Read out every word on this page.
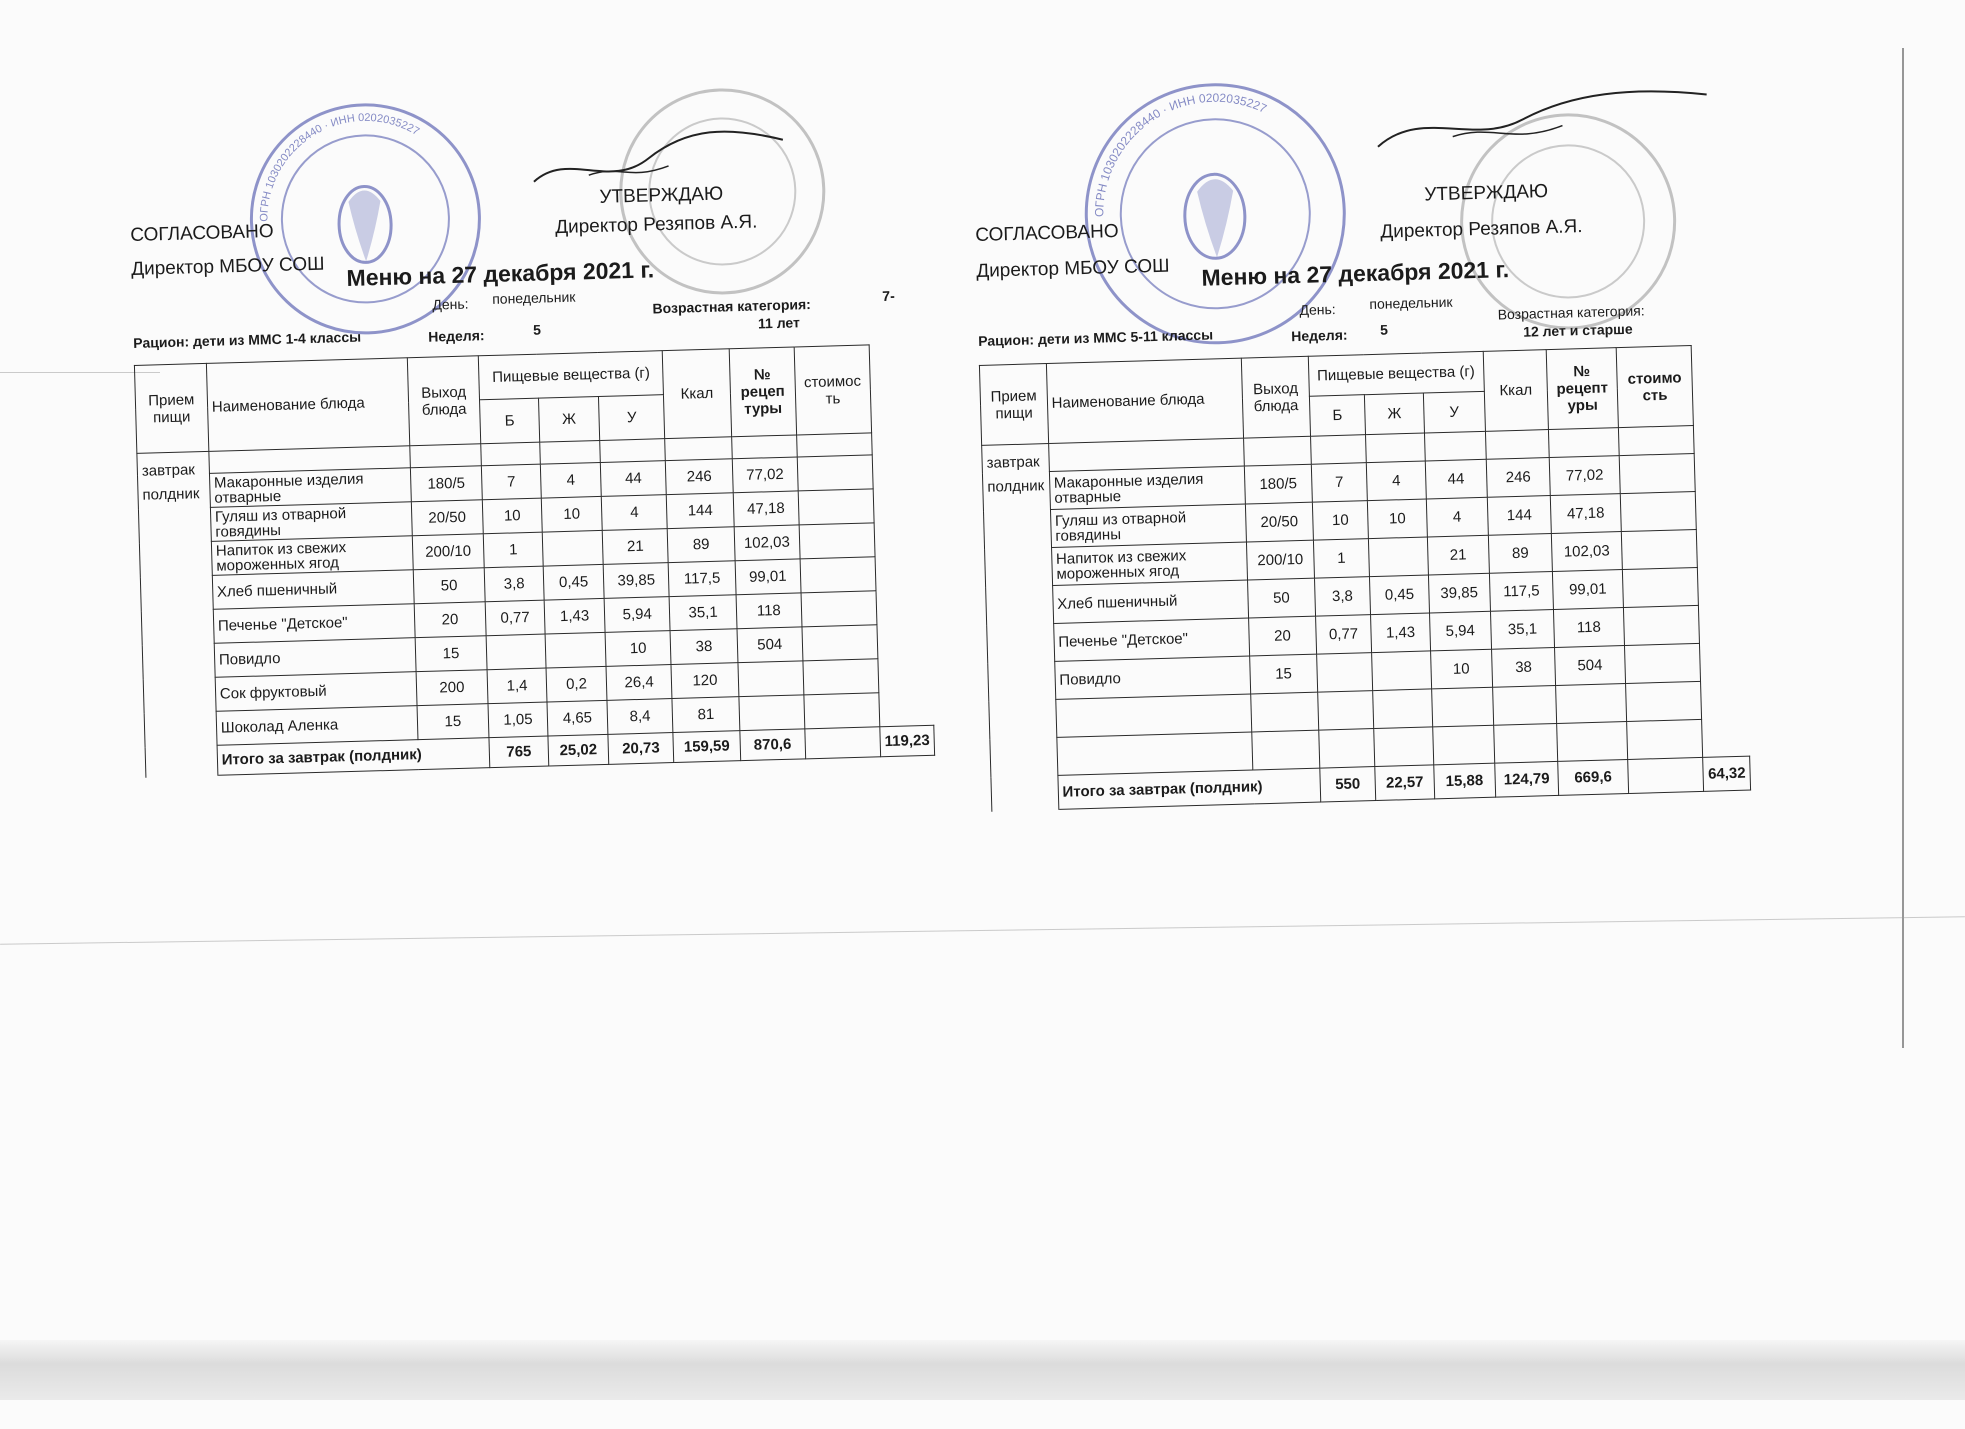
ОГРН 1030202228440 · ИНН 0202035227
СОГЛАСОВАНО
Директор МБОУ СОШ
УТВЕРЖДАЮ
Директор Резяпов А.Я.
Меню на 27 декабря 2021 г.
День: понедельник
Рацион: дети из ММС 1-4 классы	Неделя:	5
Возрастная категория:
7-
11 лет
Прием пищи	Наименование блюда	Выход блюда	Пищевые вещества (г)			Ккал	№ рецеп туры	стоимос ть	
			Б	Ж	У				

завтрак
полдник									

	Макаронные изделия отварные	180/5	7	4	44	246	77,02		
	Гуляш из отварной говядины	20/50	10	10	4	144	47,18		
	Напиток из свежих мороженных ягод	200/10	1		21	89	102,03		
	Хлеб пшеничный	50	3,8	0,45	39,85	117,5	99,01		
	Печенье "Детское"	20	0,77	1,43	5,94	35,1	118		
	Повидло	15			10	38	504		
	Сок фруктовый	200	1,4	0,2	26,4	120			
	Шоколад Аленка	15	1,05	4,65	8,4	81			
	Итого за завтрак (полдник)		765	25,02	20,73	159,59	870,6		119,23
ОГРН 1030202228440 · ИНН 0202035227
СОГЛАСОВАНО
Директор МБОУ СОШ
УТВЕРЖДАЮ
Директор Резяпов А.Я.
Меню на 27 декабря 2021 г.
День: понедельник
Рацион: дети из ММС 5-11 классы	Неделя: 5
Возрастная категория:
12 лет и старше
Прием пищи	Наименование блюда	Выход блюда	Пищевые вещества (г)			Ккал	№ рецепт уры	стоимо сть	
			Б	Ж	У				

завтрак
полдник									

	Макаронные изделия отварные	180/5	7	4	44	246	77,02		
	Гуляш из отварной говядины	20/50	10	10	4	144	47,18		
	Напиток из свежих мороженных ягод	200/10	1		21	89	102,03		
	Хлеб пшеничный	50	3,8	0,45	39,85	117,5	99,01		
	Печенье "Детское"	20	0,77	1,43	5,94	35,1	118		
	Повидло	15			10	38	504		

	Итого за завтрак (полдник)		550	22,57	15,88	124,79	669,6		64,32
